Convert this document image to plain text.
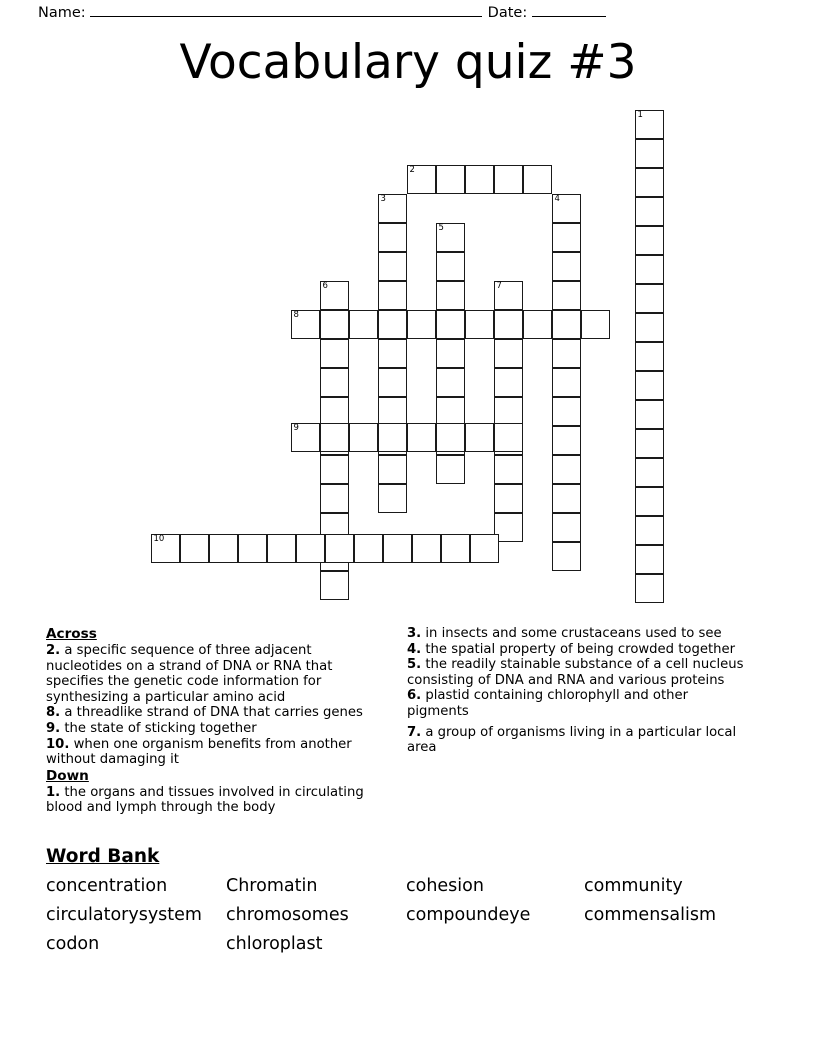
Name:	Date:
Vocabulary quiz #3
1
2
3	4
5
6	7
8
9
10
Across
2. a specific sequence of three adjacent nucleotides on a strand of DNA or RNA that specifies the genetic code information for synthesizing a particular amino acid
8. a threadlike strand of DNA that carries genes
9. the state of sticking together
10. when one organism benefits from another without damaging it
Down
1. the organs and tissues involved in circulating blood and lymph through the body
3. in insects and some crustaceans used to see
4. the spatial property of being crowded together
5. the readily stainable substance of a cell nucleus consisting of DNA and RNA and various proteins
6. plastid containing chlorophyll and other pigments
7. a group of organisms living in a particular local area
Word Bank
concentration	Chromatin	cohesion	community
circulatorysystem	chromosomes	compoundeye	commensalism
codon	chloroplast
